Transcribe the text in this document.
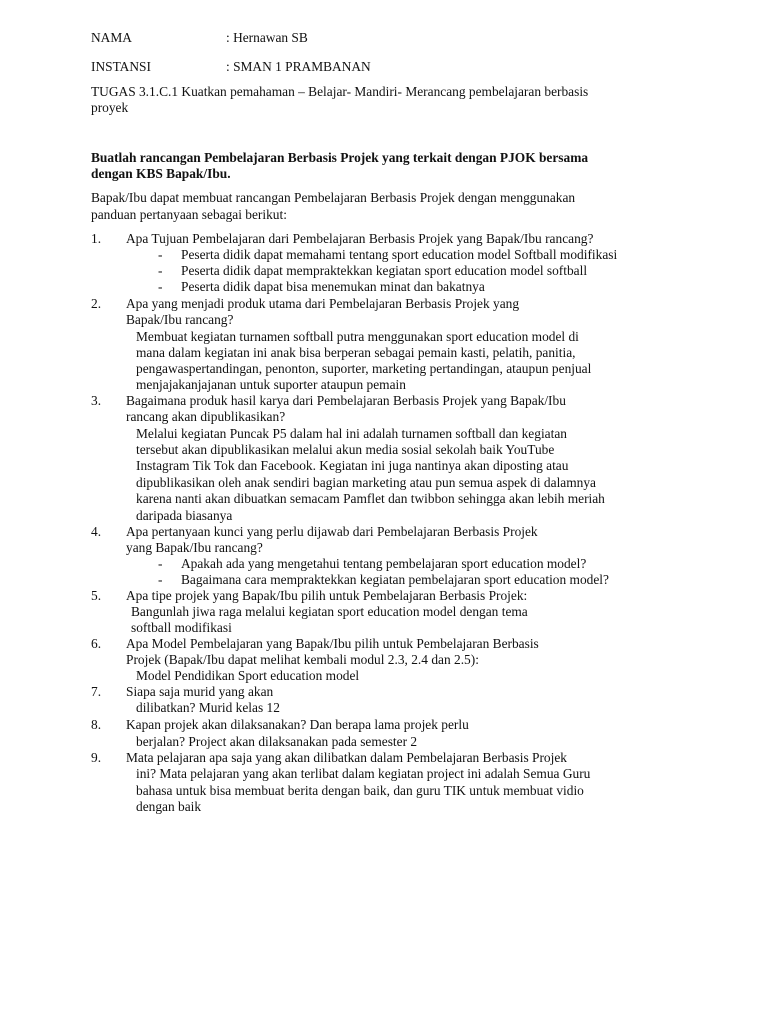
NAMA	: Hernawan SB
INSTANSI	: SMAN 1 PRAMBANAN
TUGAS 3.1.C.1 Kuatkan pemahaman – Belajar- Mandiri- Merancang pembelajaran berbasis
proyek
Buatlah rancangan Pembelajaran Berbasis Projek yang terkait dengan PJOK bersama
dengan KBS Bapak/Ibu.
Bapak/Ibu dapat membuat rancangan Pembelajaran Berbasis Projek dengan menggunakan
panduan pertanyaan sebagai berikut:
1. Apa Tujuan Pembelajaran dari Pembelajaran Berbasis Projek yang Bapak/Ibu rancang?
- Peserta didik dapat memahami tentang sport education model Softball modifikasi
- Peserta didik dapat mempraktekkan kegiatan sport education model softball
- Peserta didik dapat bisa menemukan minat dan bakatnya
2. Apa yang menjadi produk utama dari Pembelajaran Berbasis Projek yang
Bapak/Ibu rancang?
Membuat kegiatan turnamen softball putra menggunakan sport education model di
mana dalam kegiatan ini anak bisa berperan sebagai pemain kasti, pelatih, panitia,
pengawaspertandingan, penonton, suporter, marketing pertandingan, ataupun penjual
menjajakanjajanan untuk suporter ataupun pemain
3. Bagaimana produk hasil karya dari Pembelajaran Berbasis Projek yang Bapak/Ibu
rancang akan dipublikasikan?
Melalui kegiatan Puncak P5 dalam hal ini adalah turnamen softball dan kegiatan
tersebut akan dipublikasikan melalui akun media sosial sekolah baik YouTube
Instagram Tik Tok dan Facebook. Kegiatan ini juga nantinya akan diposting atau
dipublikasikan oleh anak sendiri bagian marketing atau pun semua aspek di dalamnya
karena nanti akan dibuatkan semacam Pamflet dan twibbon sehingga akan lebih meriah
daripada biasanya
4. Apa pertanyaan kunci yang perlu dijawab dari Pembelajaran Berbasis Projek
yang Bapak/Ibu rancang?
- Apakah ada yang mengetahui tentang pembelajaran sport education model?
- Bagaimana cara mempraktekkan kegiatan pembelajaran sport education model?
5. Apa tipe projek yang Bapak/Ibu pilih untuk Pembelajaran Berbasis Projek:
Bangunlah jiwa raga melalui kegiatan sport education model dengan tema
softball modifikasi
6. Apa Model Pembelajaran yang Bapak/Ibu pilih untuk Pembelajaran Berbasis
Projek (Bapak/Ibu dapat melihat kembali modul 2.3, 2.4 dan 2.5):
Model Pendidikan Sport education model
7. Siapa saja murid yang akan
dilibatkan? Murid kelas 12
8. Kapan projek akan dilaksanakan? Dan berapa lama projek perlu
berjalan? Project akan dilaksanakan pada semester 2
9. Mata pelajaran apa saja yang akan dilibatkan dalam Pembelajaran Berbasis Projek
ini? Mata pelajaran yang akan terlibat dalam kegiatan project ini adalah Semua Guru
bahasa untuk bisa membuat berita dengan baik, dan guru TIK untuk membuat vidio
dengan baik
